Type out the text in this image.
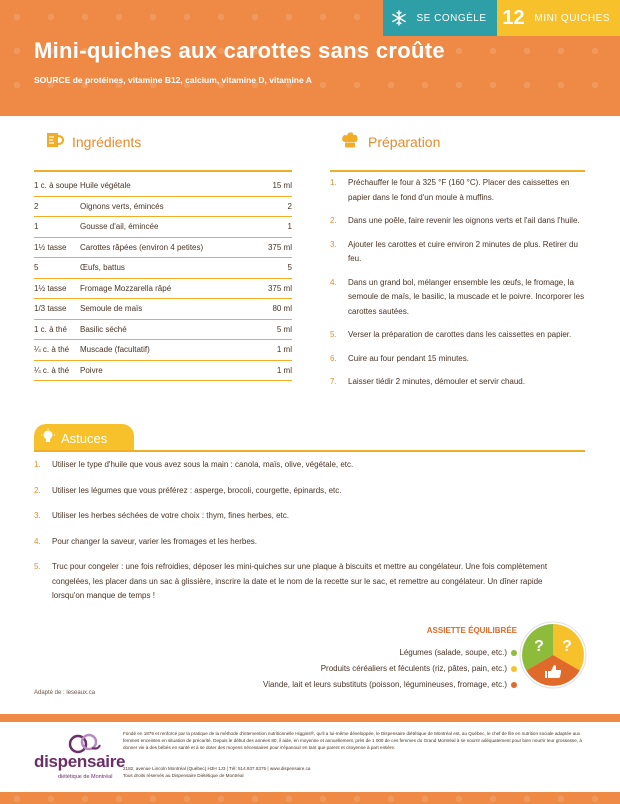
SE CONGÈLE 12 MINI QUICHES
Mini-quiches aux carottes sans croûte
SOURCE de protéines, vitamine B12, calcium, vitamine D, vitamine A
Ingrédients
1 c. à soupe Huile végétale	15 ml
2	Oignons verts, émincés	2
1	Gousse d'ail, émincée	1
1½ tasse	Carottes râpées (environ 4 petites)	375 ml
5	Œufs, battus	5
1½ tasse	Fromage Mozzarella râpé	375 ml
1/3 tasse	Semoule de maïs	80 ml
1 c. à thé	Basilic séché	5 ml
¼ c. à thé	Muscade (facultatif)	1 ml
¼ c. à thé	Poivre	1 ml
Préparation
1.	Préchauffer le four à 325 °F (160 °C). Placer des caissettes en papier dans le fond d'un moule à muffins.
2.	Dans une poêle, faire revenir les oignons verts et l'ail dans l'huile.
3.	Ajouter les carottes et cuire environ 2 minutes de plus. Retirer du feu.
4.	Dans un grand bol, mélanger ensemble les œufs, le fromage, la semoule de maïs, le basilic, la muscade et le poivre. Incorporer les carottes sautées.
5.	Verser la préparation de carottes dans les caissettes en papier.
6.	Cuire au four pendant 15 minutes.
7.	Laisser tiédir 2 minutes, démouler et servir chaud.
Astuces
1.	Utiliser le type d'huile que vous avez sous la main : canola, maïs, olive, végétale, etc.
2.	Utiliser les légumes que vous préférez : asperge, brocoli, courgette, épinards, etc.
3.	Utiliser les herbes séchées de votre choix : thym, fines herbes, etc.
4.	Pour changer la saveur, varier les fromages et les herbes.
5.	Truc pour congeler : une fois refroidies, déposer les mini-quiches sur une plaque à biscuits et mettre au congélateur. Une fois complètement congelées, les placer dans un sac à glissière, inscrire la date et le nom de la recette sur le sac, et remettre au congélateur. Un dîner rapide lorsqu'on manque de temps !
ASSIETTE ÉQUILIBRÉE
Légumes (salade, soupe, etc.)
Produits céréaliers et féculents (riz, pâtes, pain, etc.)
Viande, lait et leurs substituts (poisson, légumineuses, fromage, etc.)
? ?
Adapté de : leseaux.ca
dispensaire
diététique de Montréal
Fondé en 1879 et renforcé par la pratique de la méthode d'intervention nutritionnelle Higgins®, qu'il a lui-même développée, le Dispensaire diététique de Montréal est, au Québec, le chef de file en nutrition sociale adaptée aux femmes enceintes en situation de précarité. Depuis le début des années 80, il aide, en moyenne et annuellement, près de 1 000 de ces femmes du Grand Montréal à se nourrir adéquatement pour bien nourrir leur grossesse, à donner vie à des bébés en santé et à se doter des moyens nécessaires pour s'épanouir en tant que parent et citoyenne à part entière.
2182, avenue Lincoln Montréal (Québec) H3H 1J3 | Tél: 514.937.5375 | www.dispensaire.ca
Tous droits réservés au Dispensaire Diététique de Montréal
